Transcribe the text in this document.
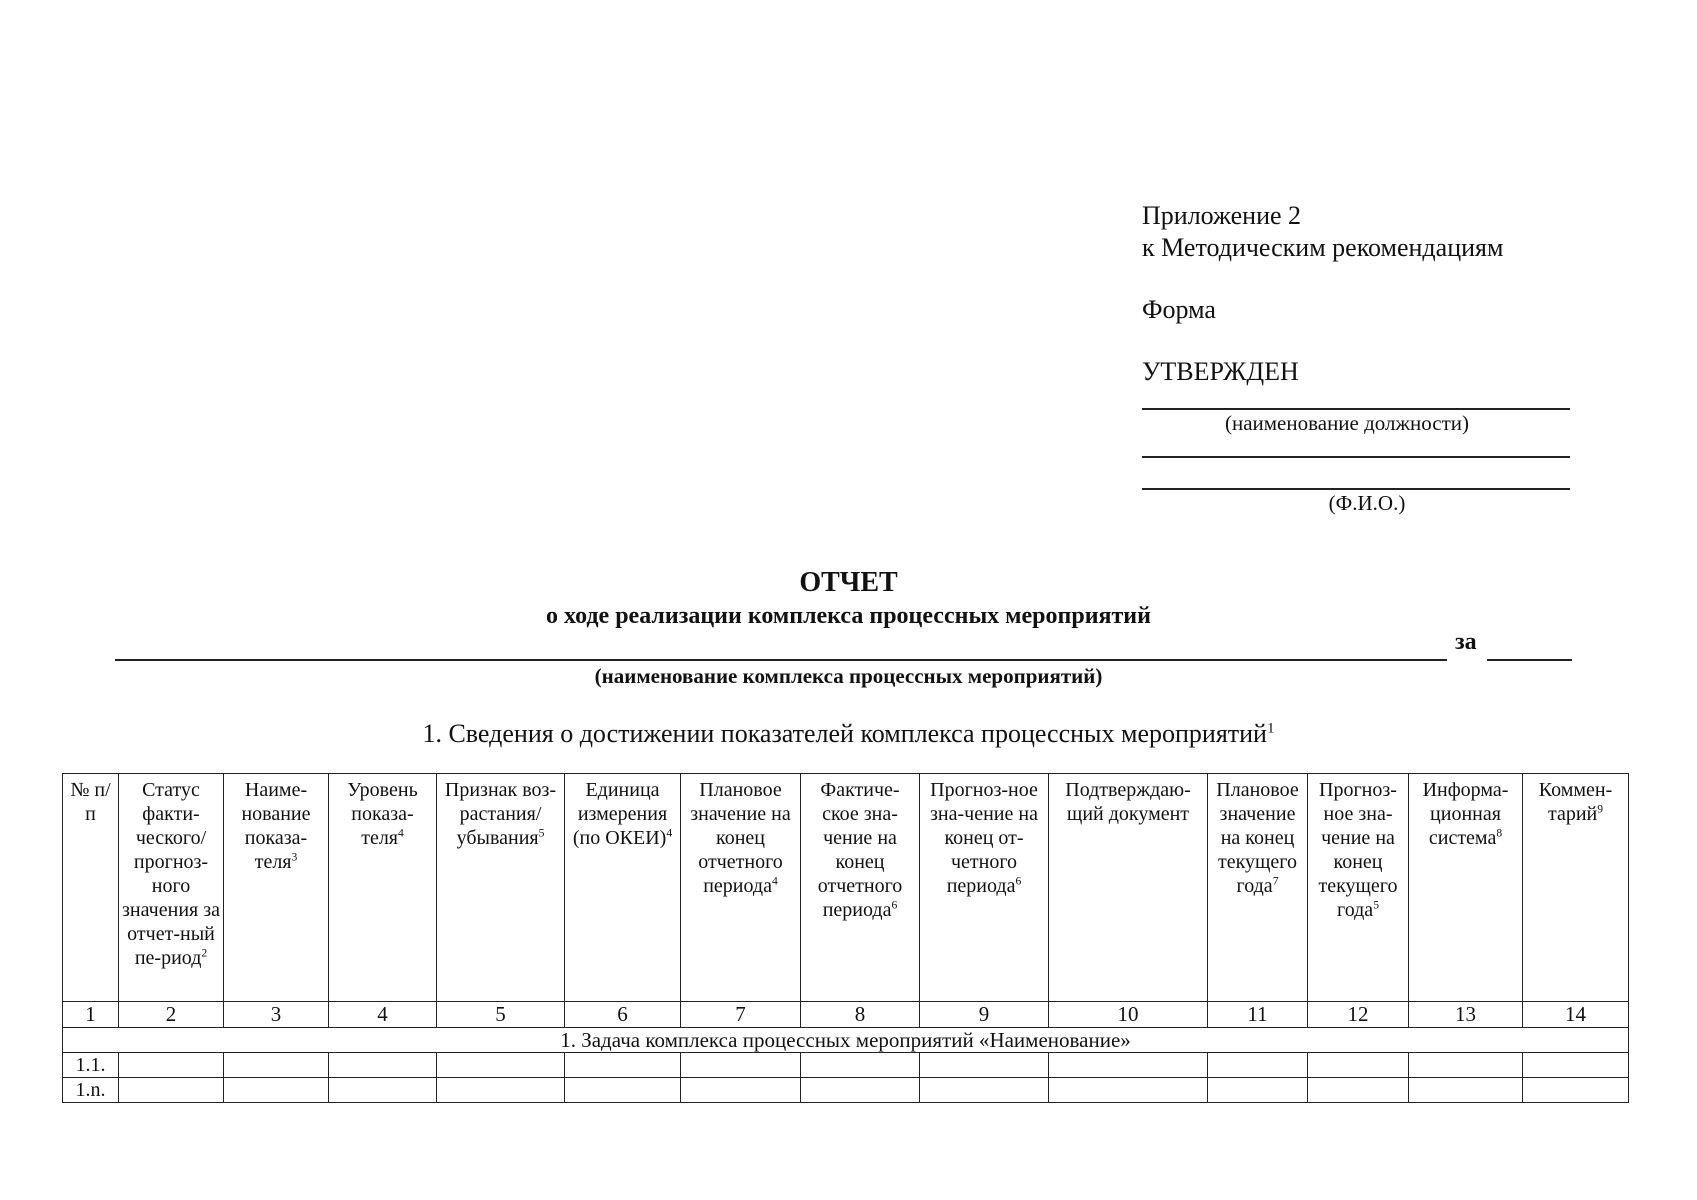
Приложение 2
к Методическим рекомендациям
Форма
УТВЕРЖДЕН
(наименование должности)
(Ф.И.О.)
ОТЧЕТ
о ходе реализации комплекса процессных мероприятий
за
(наименование комплекса процессных мероприятий)
1. Сведения о достижении показателей комплекса процессных мероприятий$^1$
№ п/п	Статус факти-ческого/ прогноз-ного значения за отчет-ный пе-риод$^2$	Наиме-нование показа-теля$^3$	Уровень показа-теля$^4$	Признак воз-растания/ убывания$^5$	Единица измерения (по ОКЕИ)$^4$	Плановое значение на конец отчетного периода$^4$	Фактиче-ское зна-чение на конец отчетного периода$^6$	Прогноз-ное зна-чение на конец от-четного периода$^6$	Подтверждаю-щий документ	Плановое значение на конец текущего года$^7$	Прогноз-ное зна-чение на конец текущего года$^5$	Информа-ционная система$^8$	Коммен-тарий$^9$
1	2	3	4	5	6	7	8	9	10	11	12	13	14
1. Задача комплекса процессных мероприятий «Наименование»													
1.1.													
1.n.													
